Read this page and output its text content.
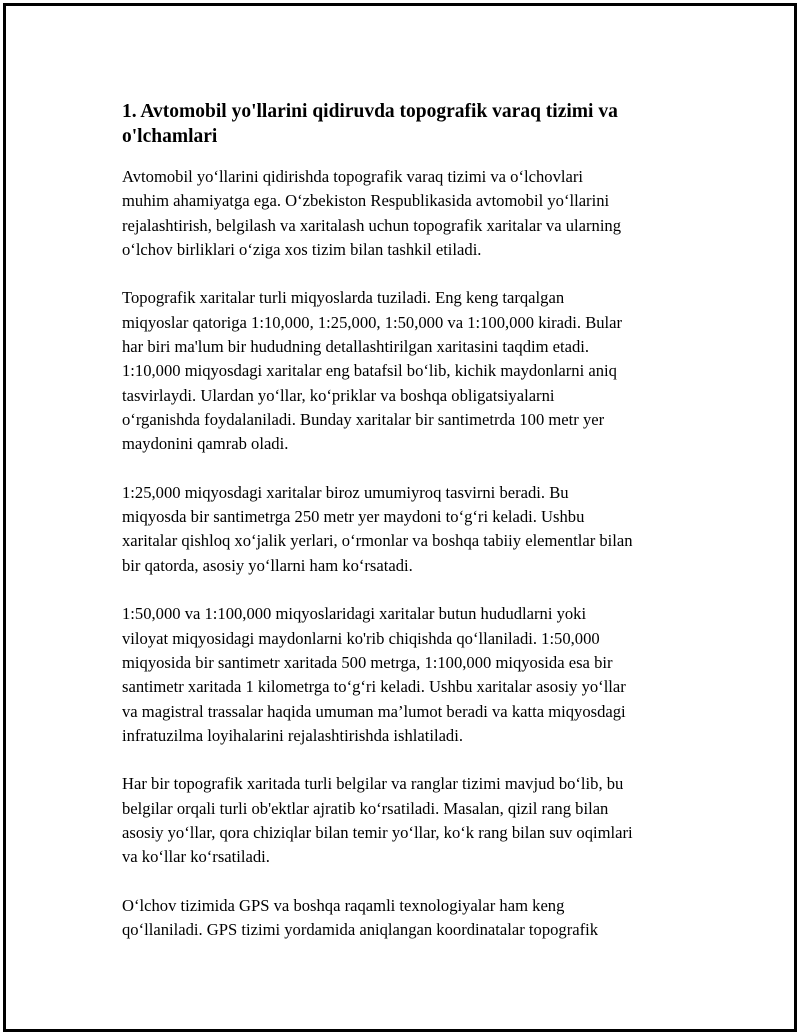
1. Avtomobil yo'llarini qidiruvda topografik varaq tizimi va o'lchamlari

Avtomobil yo‘llarini qidirishda topografik varaq tizimi va o‘lchovlari
muhim ahamiyatga ega. O‘zbekiston Respublikasida avtomobil yo‘llarini
rejalashtirish, belgilash va xaritalash uchun topografik xaritalar va ularning
o‘lchov birliklari o‘ziga xos tizim bilan tashkil etiladi.

Topografik xaritalar turli miqyoslarda tuziladi. Eng keng tarqalgan
miqyoslar qatoriga 1:10,000, 1:25,000, 1:50,000 va 1:100,000 kiradi. Bular
har biri ma'lum bir hududning detallashtirilgan xaritasini taqdim etadi.
1:10,000 miqyosdagi xaritalar eng batafsil bo‘lib, kichik maydonlarni aniq
tasvirlaydi. Ulardan yo‘llar, ko‘priklar va boshqa obligatsiyalarni
o‘rganishda foydalaniladi. Bunday xaritalar bir santimetrda 100 metr yer
maydonini qamrab oladi.

1:25,000 miqyosdagi xaritalar biroz umumiyroq tasvirni beradi. Bu
miqyosda bir santimetrga 250 metr yer maydoni to‘g‘ri keladi. Ushbu
xaritalar qishloq xo‘jalik yerlari, o‘rmonlar va boshqa tabiiy elementlar bilan
bir qatorda, asosiy yo‘llarni ham ko‘rsatadi.

1:50,000 va 1:100,000 miqyoslaridagi xaritalar butun hududlarni yoki
viloyat miqyosidagi maydonlarni ko'rib chiqishda qo‘llaniladi. 1:50,000
miqyosida bir santimetr xaritada 500 metrga, 1:100,000 miqyosida esa bir
santimetr xaritada 1 kilometrga to‘g‘ri keladi. Ushbu xaritalar asosiy yo‘llar
va magistral trassalar haqida umuman ma’lumot beradi va katta miqyosdagi
infratuzilma loyihalarini rejalashtirishda ishlatiladi.

Har bir topografik xaritada turli belgilar va ranglar tizimi mavjud bo‘lib, bu
belgilar orqali turli ob'ektlar ajratib ko‘rsatiladi. Masalan, qizil rang bilan
asosiy yo‘llar, qora chiziqlar bilan temir yo‘llar, ko‘k rang bilan suv oqimlari
va ko‘llar ko‘rsatiladi.

O‘lchov tizimida GPS va boshqa raqamli texnologiyalar ham keng
qo‘llaniladi. GPS tizimi yordamida aniqlangan koordinatalar topografik
